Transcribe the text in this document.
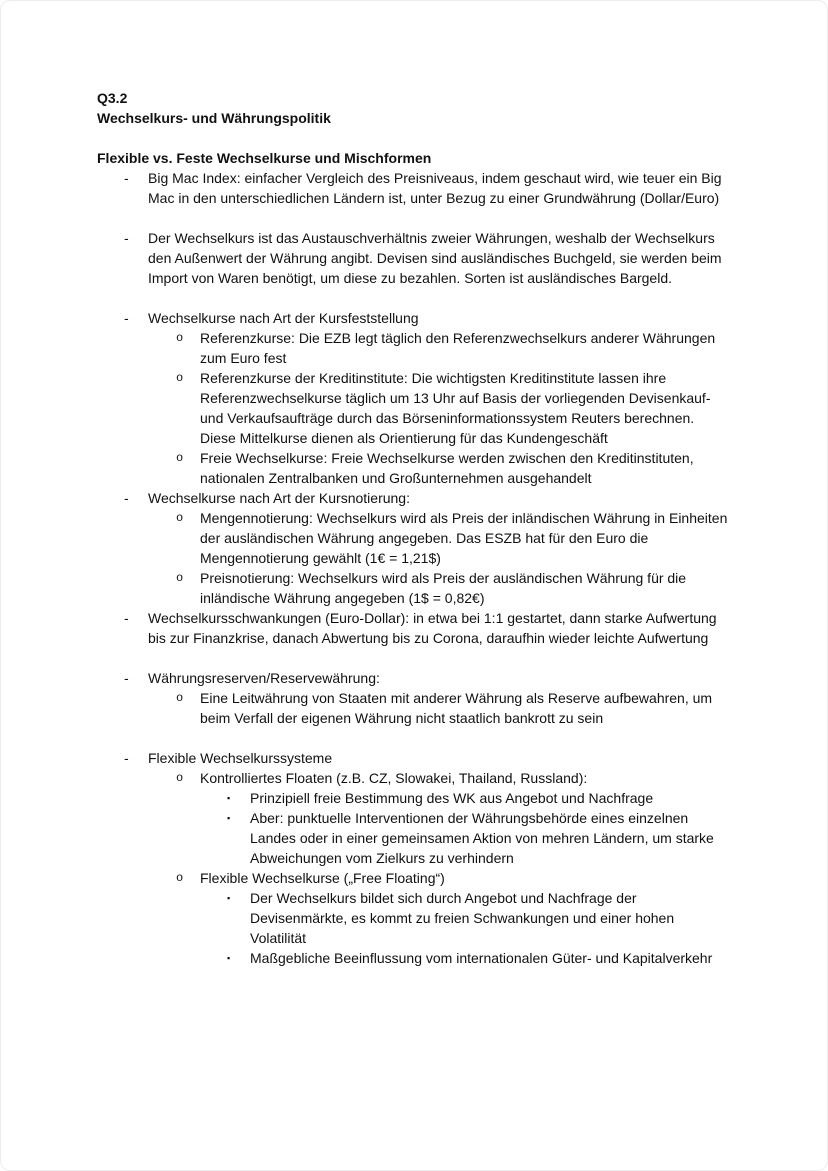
Q3.2
Wechselkurs- und Währungspolitik
Flexible vs. Feste Wechselkurse und Mischformen
-	Big Mac Index: einfacher Vergleich des Preisniveaus, indem geschaut wird, wie teuer ein Big Mac in den unterschiedlichen Ländern ist, unter Bezug zu einer Grundwährung (Dollar/Euro)
-	Der Wechselkurs ist das Austauschverhältnis zweier Währungen, weshalb der Wechselkurs den Außenwert der Währung angibt. Devisen sind ausländisches Buchgeld, sie werden beim Import von Waren benötigt, um diese zu bezahlen. Sorten ist ausländisches Bargeld.
-	Wechselkurse nach Art der Kursfeststellung
o	Referenzkurse: Die EZB legt täglich den Referenzwechselkurs anderer Währungen zum Euro fest
o	Referenzkurse der Kreditinstitute: Die wichtigsten Kreditinstitute lassen ihre Referenzwechselkurse täglich um 13 Uhr auf Basis der vorliegenden Devisenkauf- und Verkaufsaufträge durch das Börseninformationssystem Reuters berechnen. Diese Mittelkurse dienen als Orientierung für das Kundengeschäft
o	Freie Wechselkurse: Freie Wechselkurse werden zwischen den Kreditinstituten, nationalen Zentralbanken und Großunternehmen ausgehandelt
-	Wechselkurse nach Art der Kursnotierung:
o	Mengennotierung: Wechselkurs wird als Preis der inländischen Währung in Einheiten der ausländischen Währung angegeben. Das ESZB hat für den Euro die Mengennotierung gewählt (1€ = 1,21$)
o	Preisnotierung: Wechselkurs wird als Preis der ausländischen Währung für die inländische Währung angegeben (1$ = 0,82€)
-	Wechselkursschwankungen (Euro-Dollar): in etwa bei 1:1 gestartet, dann starke Aufwertung bis zur Finanzkrise, danach Abwertung bis zu Corona, daraufhin wieder leichte Aufwertung
-	Währungsreserven/Reservewährung:
o	Eine Leitwährung von Staaten mit anderer Währung als Reserve aufbewahren, um beim Verfall der eigenen Währung nicht staatlich bankrott zu sein
-	Flexible Wechselkurssysteme
o	Kontrolliertes Floaten (z.B. CZ, Slowakei, Thailand, Russland):
▪	Prinzipiell freie Bestimmung des WK aus Angebot und Nachfrage
▪	Aber: punktuelle Interventionen der Währungsbehörde eines einzelnen Landes oder in einer gemeinsamen Aktion von mehren Ländern, um starke Abweichungen vom Zielkurs zu verhindern
o	Flexible Wechselkurse („Free Floating“)
▪	Der Wechselkurs bildet sich durch Angebot und Nachfrage der Devisenmärkte, es kommt zu freien Schwankungen und einer hohen Volatilität
▪	Maßgebliche Beeinflussung vom internationalen Güter- und Kapitalverkehr
